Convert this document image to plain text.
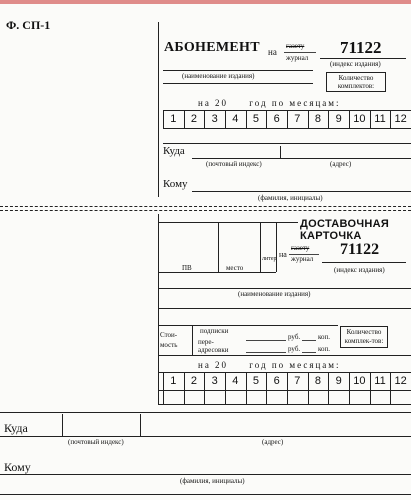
Ф. СП-1
АБОНЕМЕНТ на
газету
журнал
71122
(индекс издания)
(наименование издания)	Количество комплектов:
на 20     год по месяцам:
1	2	3	4	5	6	7	8	9	10 11 12
Куда
(почтовый индекс)	(адрес)
Кому
(фамилия, инициалы)
ДОСТАВОЧНАЯ КАРТОЧКА
ПВ	место
литер на
газету
журнал
71122
(индекс издания)
(наименование издания)
Стои-мость
подписки
пере-адресовки
руб.	коп.
руб.	коп.
Количество комплек-тов:
на 20     год по месяцам:
1	2	3	4	5	6	7	8	9	10 11 12
Куда
(почтовый индекс)	(адрес)
Кому
(фамилия, инициалы)
